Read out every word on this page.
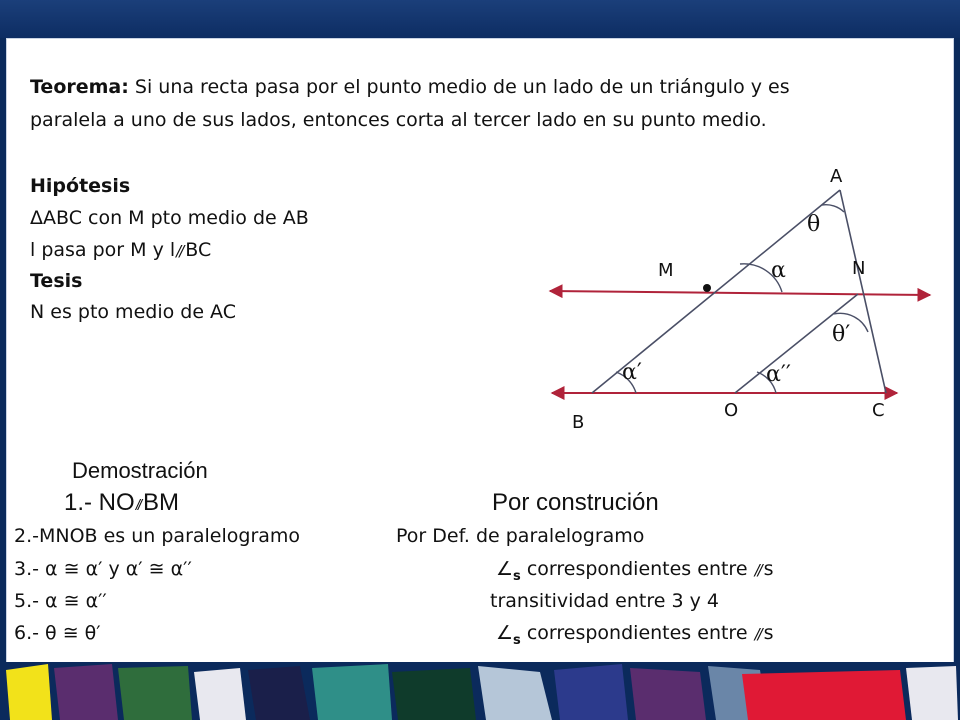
Teorema: Si una recta pasa por el punto medio de un lado de un triángulo y es
paralela a uno de sus lados, entonces corta al tercer lado en su punto medio.
Hipótesis
ΔABC con M pto medio de AB
l pasa por M y l// BC
Tesis
N es pto medio de AC
A
M	N
O	C
B
θ
α
θ′
α′	α′′
Demostración
1.- NO// BM	Por construción
2.-MNOB es un paralelogramo	Por Def. de paralelogramo
3.- α ≅ α′ y α′ ≅ α′′	$\angle_s$ correspondientes entre // s
5.- α ≅ α′′	transitividad entre 3 y 4
6.- θ ≅ θ′	$\angle_s$ correspondientes entre // s
